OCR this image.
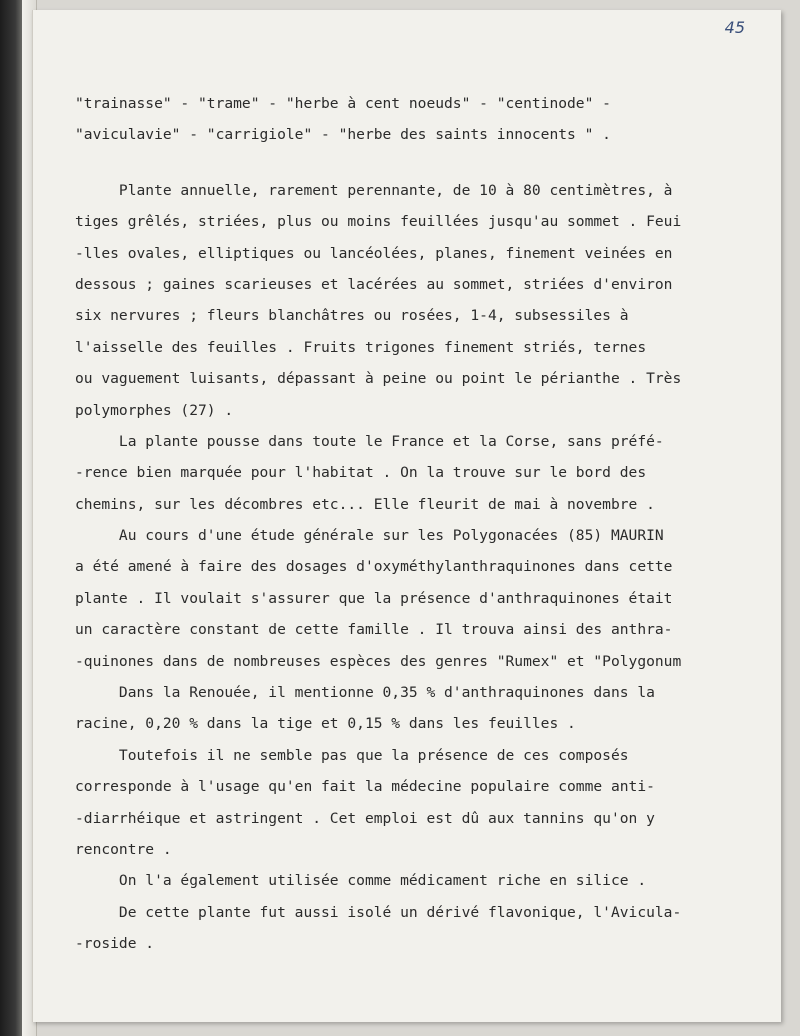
45
"trainasse" - "trame" - "herbe à cent noeuds" - "centinode" -
"aviculavie" - "carrigiole" - "herbe des saints innocents " .
Plante annuelle, rarement perennante, de 10 à 80 centimètres, à
tiges grêlés, striées, plus ou moins feuillées jusqu'au sommet . Feui
-lles ovales, elliptiques ou lancéolées, planes, finement veinées en
dessous ; gaines scarieuses et lacérées au sommet, striées d'environ
six nervures ; fleurs blanchâtres ou rosées, 1-4, subsessiles à
l'aisselle des feuilles . Fruits trigones finement striés, ternes
ou vaguement luisants, dépassant à peine ou point le périanthe . Très
polymorphes (27) .
La plante pousse dans toute le France et la Corse, sans préfé-
-rence bien marquée pour l'habitat . On la trouve sur le bord des
chemins, sur les décombres etc... Elle fleurit de mai à novembre .
Au cours d'une étude générale sur les Polygonacées (85) MAURIN
a été amené à faire des dosages d'oxyméthylanthraquinones dans cette
plante . Il voulait s'assurer que la présence d'anthraquinones était
un caractère constant de cette famille . Il trouva ainsi des anthra-
-quinones dans de nombreuses espèces des genres "Rumex" et "Polygonum
Dans la Renouée, il mentionne 0,35 % d'anthraquinones dans la
racine, 0,20 % dans la tige et 0,15 % dans les feuilles .
Toutefois il ne semble pas que la présence de ces composés
corresponde à l'usage qu'en fait la médecine populaire comme anti-
-diarrhéique et astringent . Cet emploi est dû aux tannins qu'on y
rencontre .
On l'a également utilisée comme médicament riche en silice .
De cette plante fut aussi isolé un dérivé flavonique, l'Avicula-
-roside .
